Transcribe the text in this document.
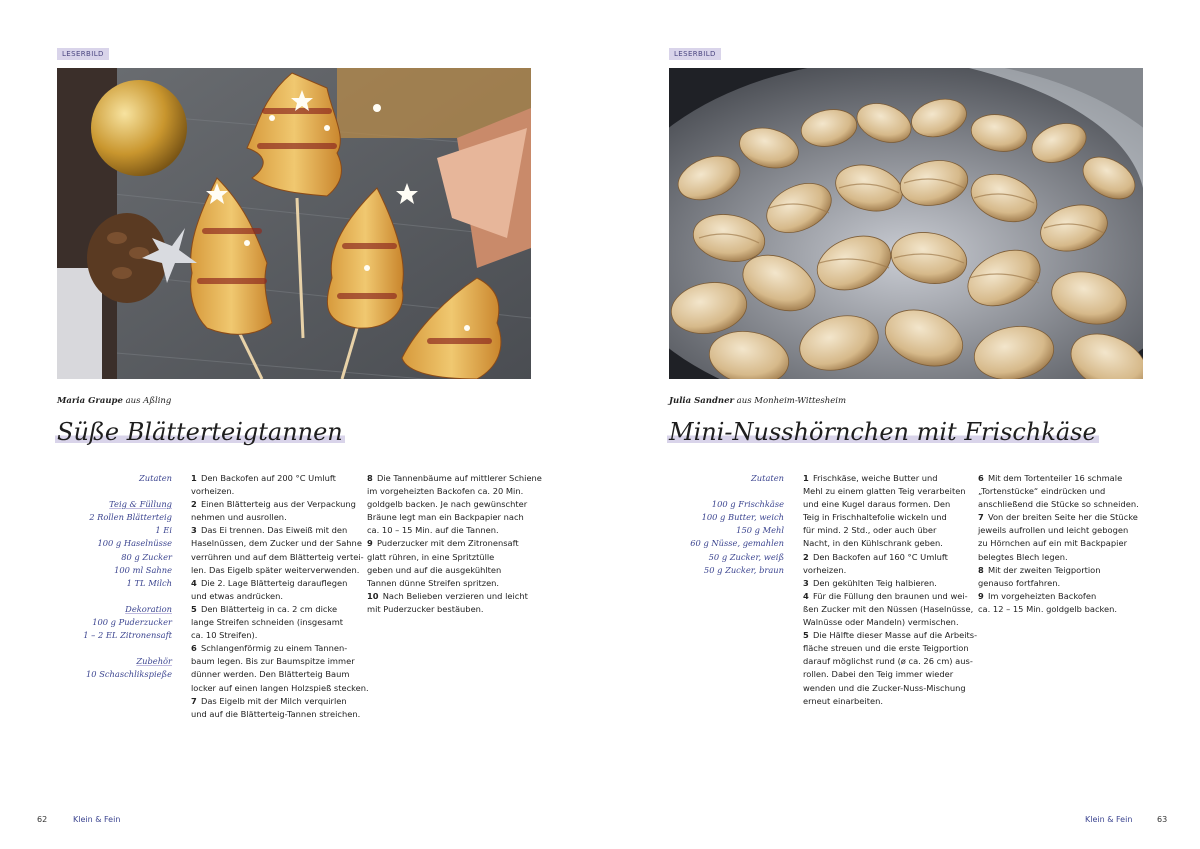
LESERBILD
Maria Graupe aus Aßling
Süße Blätterteigtannen
Zutaten
Teig & Füllung
2 Rollen Blätterteig
1 Ei
100 g Haselnüsse
80 g Zucker
100 ml Sahne
1 TL Milch
Dekoration
100 g Puderzucker
1 – 2 EL Zitronensaft
Zubehör
10 Schaschlikspieße
1  Den Backofen auf 200 °C Umluft
vorheizen.
2  Einen Blätterteig aus der Verpackung
nehmen und ausrollen.
3  Das Ei trennen. Das Eiweiß mit den
Haselnüssen, dem Zucker und der Sahne
verrühren und auf dem Blätterteig vertei-
len. Das Eigelb später weiterverwenden.
4  Die 2. Lage Blätterteig darauflegen
und etwas andrücken.
5  Den Blätterteig in ca. 2 cm dicke
lange Streifen schneiden (insgesamt
ca. 10 Streifen).
6  Schlangenförmig zu einem Tannen-
baum legen. Bis zur Baumspitze immer
dünner werden. Den Blätterteig Baum
locker auf einen langen Holzspieß stecken.
7  Das Eigelb mit der Milch verquirlen
und auf die Blätterteig-Tannen streichen.
8  Die Tannenbäume auf mittlerer Schiene
im vorgeheizten Backofen ca. 20 Min.
goldgelb backen. Je nach gewünschter
Bräune legt man ein Backpapier nach
ca. 10 – 15 Min. auf die Tannen.
9  Puderzucker mit dem Zitronensaft
glatt rühren, in eine Spritztülle
geben und auf die ausgekühlten
Tannen dünne Streifen spritzen.
10  Nach Belieben verzieren und leicht
mit Puderzucker bestäuben.
62	Klein & Fein
LESERBILD
Julia Sandner aus Monheim-Wittesheim
Mini-Nusshörnchen mit Frischkäse
Zutaten
100 g Frischkäse
100 g Butter, weich
150 g Mehl
60 g Nüsse, gemahlen
50 g Zucker, weiß
50 g Zucker, braun
1  Frischkäse, weiche Butter und
Mehl zu einem glatten Teig verarbeiten
und eine Kugel daraus formen. Den
Teig in Frischhaltefolie wickeln und
für mind. 2 Std., oder auch über
Nacht, in den Kühlschrank geben.
2  Den Backofen auf 160 °C Umluft
vorheizen.
3  Den gekühlten Teig halbieren.
4  Für die Füllung den braunen und wei-
ßen Zucker mit den Nüssen (Haselnüsse,
Walnüsse oder Mandeln) vermischen.
5  Die Hälfte dieser Masse auf die Arbeits-
fläche streuen und die erste Teigportion
darauf möglichst rund (ø ca. 26 cm) aus-
rollen. Dabei den Teig immer wieder
wenden und die Zucker-Nuss-Mischung
erneut einarbeiten.
6  Mit dem Tortenteiler 16 schmale
„Tortenstücke“ eindrücken und
anschließend die Stücke so schneiden.
7  Von der breiten Seite her die Stücke
jeweils aufrollen und leicht gebogen
zu Hörnchen auf ein mit Backpapier
belegtes Blech legen.
8  Mit der zweiten Teigportion
genauso fortfahren.
9  Im vorgeheizten Backofen
ca. 12 – 15 Min. goldgelb backen.
Klein & Fein	63
